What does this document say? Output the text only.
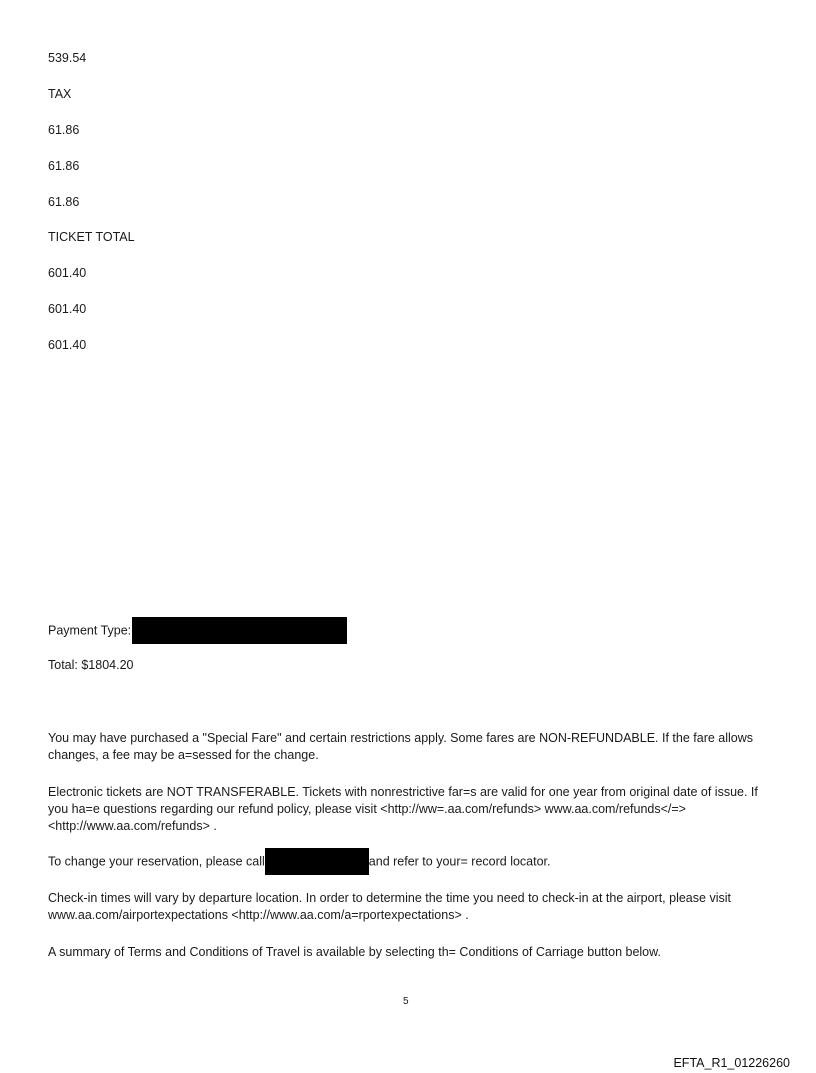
539.54
TAX
61.86
61.86
61.86
TICKET TOTAL
601.40
601.40
601.40
Payment Type:
Total: $1804.20
You may have purchased a "Special Fare" and certain restrictions apply. Some fares are NON-REFUNDABLE. If the fare allows changes, a fee may be a=sessed for the change.
Electronic tickets are NOT TRANSFERABLE. Tickets with nonrestrictive far=s are valid for one year from original date of issue. If you ha=e questions regarding our refund policy, please visit <http://ww=.aa.com/refunds> www.aa.com/refunds</=> <http://www.aa.com/refunds> .
To change your reservation, please call	and refer to your= record locator.
Check-in times will vary by departure location. In order to determine the time you need to check-in at the airport, please visit www.aa.com/airportexpectations <http://www.aa.com/a=rportexpectations> .
A summary of Terms and Conditions of Travel is available by selecting th= Conditions of Carriage button below.
5
EFTA_R1_01226260
